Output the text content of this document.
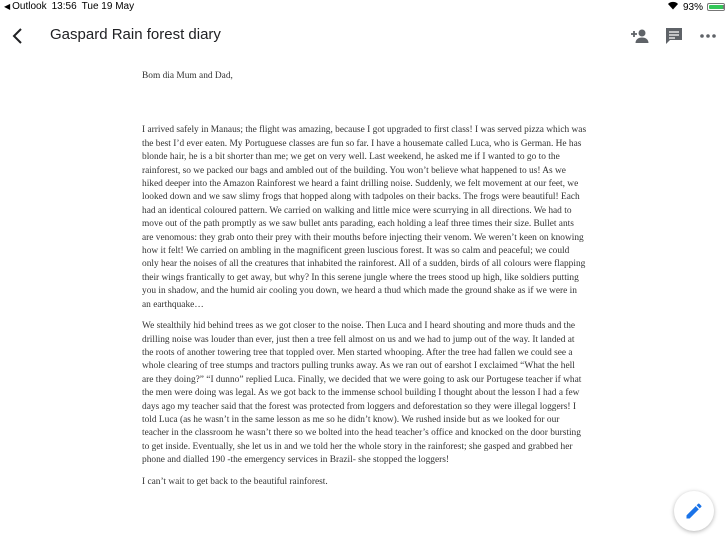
◀ Outlook 13:56 Tue 19 May	93%
Gaspard Rain forest diary

Bom dia Mum and Dad,

I arrived safely in Manaus; the flight was amazing, because I got upgraded to first class! I was served pizza which was the best I’d ever eaten. My Portuguese classes are fun so far. I have a housemate called Luca, who is German. He has blonde hair, he is a bit shorter than me; we get on very well. Last weekend, he asked me if I wanted to go to the rainforest, so we packed our bags and ambled out of the building. You won’t believe what happened to us! As we hiked deeper into the Amazon Rainforest we heard a faint drilling noise. Suddenly, we felt movement at our feet, we looked down and we saw slimy frogs that hopped along with tadpoles on their backs. The frogs were beautiful! Each had an identical coloured pattern. We carried on walking and little mice were scurrying in all directions. We had to move out of the path promptly as we saw bullet ants parading, each holding a leaf three times their size. Bullet ants are venomous: they grab onto their prey with their mouths before injecting their venom. We weren’t keen on knowing how it felt! We carried on ambling in the magnificent green luscious forest. It was so calm and peaceful; we could only hear the noises of all the creatures that inhabited the rainforest. All of a sudden, birds of all colours were flapping their wings frantically to get away, but why? In this serene jungle where the trees stood up high, like soldiers putting you in shadow, and the humid air cooling you down, we heard a thud which made the ground shake as if we were in an earthquake…

We stealthily hid behind trees as we got closer to the noise. Then Luca and I heard shouting and more thuds and the drilling noise was louder than ever, just then a tree fell almost on us and we had to jump out of the way. It landed at the roots of another towering tree that toppled over. Men started whooping. After the tree had fallen we could see a whole clearing of tree stumps and tractors pulling trunks away. As we ran out of earshot I exclaimed “What the hell are they doing?” “I dunno” replied Luca. Finally, we decided that we were going to ask our Portugese teacher if what the men were doing was legal. As we got back to the immense school building I thought about the lesson I had a few days ago my teacher said that the forest was protected from loggers and deforestation so they were illegal loggers! I told Luca (as he wasn’t in the same lesson as me so he didn’t know). We rushed inside but as we looked for our teacher in the classroom he wasn’t there so we bolted into the head teacher’s office and knocked on the door bursting to get inside. Eventually, she let us in and we told her the whole story in the rainforest; she gasped and grabbed her phone and dialled 190 -the emergency services in Brazil- she stopped the loggers!

I can’t wait to get back to the beautiful rainforest.
